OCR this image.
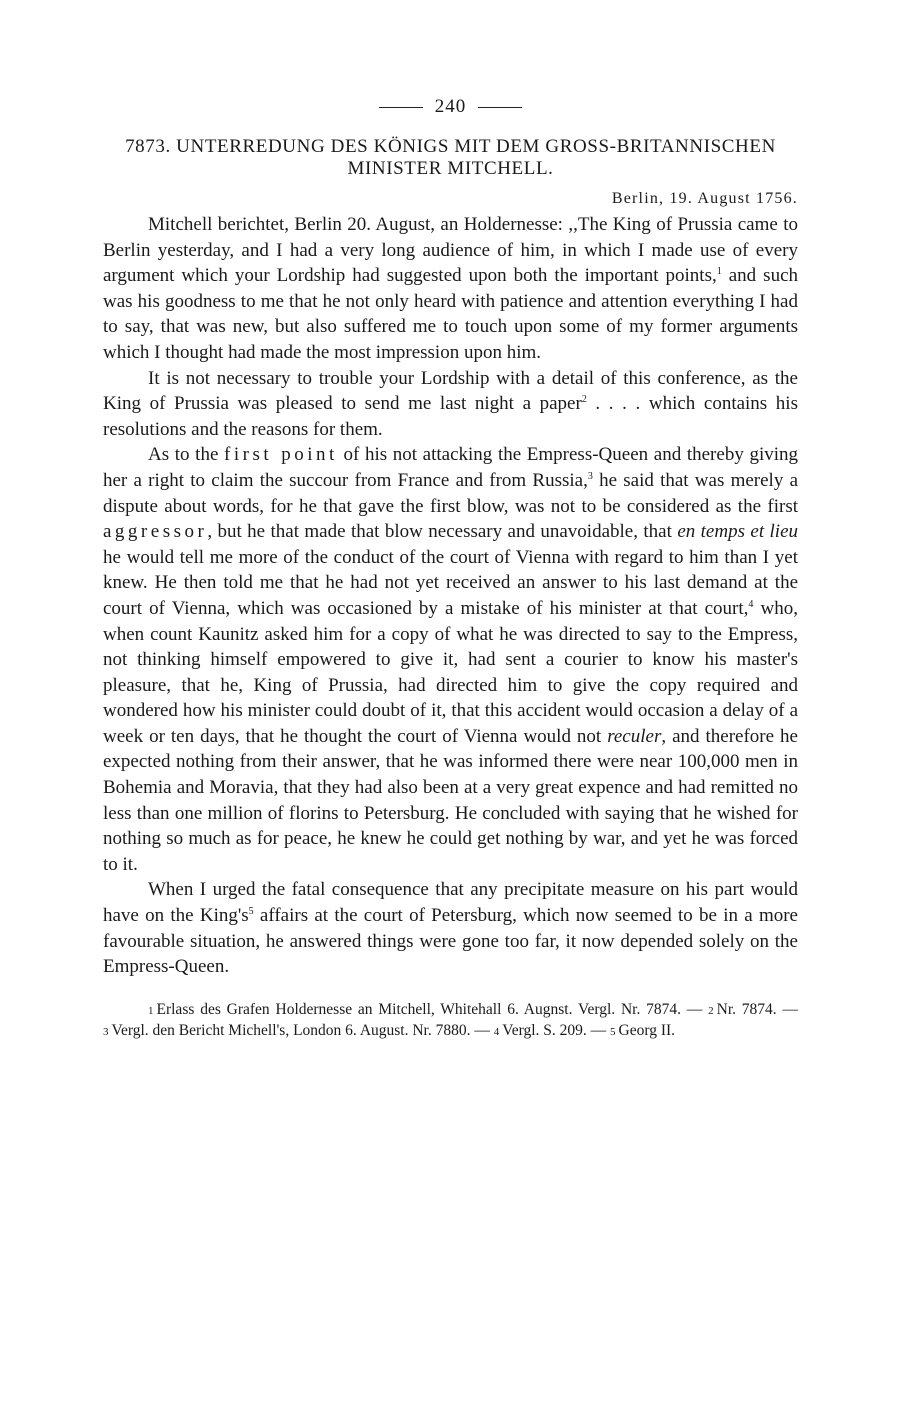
240
7873. UNTERREDUNG DES KÖNIGS MIT DEM GROSS-BRITANNISCHEN MINISTER MITCHELL.
Berlin, 19. August 1756.

Mitchell berichtet, Berlin 20. August, an Holdernesse: ,,The King of Prussia came to Berlin yesterday, and I had a very long audience of him, in which I made use of every argument which your Lordship had suggested upon both the important points,$^1$ and such was his goodness to me that he not only heard with patience and attention everything I had to say, that was new, but also suffered me to touch upon some of my former arguments which I thought had made the most impression upon him.

It is not necessary to trouble your Lordship with a detail of this conference, as the King of Prussia was pleased to send me last night a paper$^2$ . . . . which contains his resolutions and the reasons for them.

As to the first point of his not attacking the Empress-Queen and thereby giving her a right to claim the succour from France and from Russia,$^3$ he said that was merely a dispute about words, for he that gave the first blow, was not to be considered as the first aggressor, but he that made that blow necessary and unavoidable, that en temps et lieu he would tell me more of the conduct of the court of Vienna with regard to him than I yet knew. He then told me that he had not yet received an answer to his last demand at the court of Vienna, which was occasioned by a mistake of his minister at that court,$^4$ who, when count Kaunitz asked him for a copy of what he was directed to say to the Empress, not thinking himself empowered to give it, had sent a courier to know his master's pleasure, that he, King of Prussia, had directed him to give the copy required and wondered how his minister could doubt of it, that this accident would occasion a delay of a week or ten days, that he thought the court of Vienna would not reculer, and therefore he expected nothing from their answer, that he was informed there were near 100,000 men in Bohemia and Moravia, that they had also been at a very great expence and had remitted no less than one million of florins to Petersburg. He concluded with saying that he wished for nothing so much as for peace, he knew he could get nothing by war, and yet he was forced to it.

When I urged the fatal consequence that any precipitate measure on his part would have on the $King's^5$ affairs at the court of Petersburg, which now seemed to be in a more favourable situation, he answered things were gone too far, it now depended solely on the Empress-Queen.

1 Erlass des Grafen Holdernesse an Mitchell, Whitehall 6. Augnst. Vergl. Nr. 7874. — 2 Nr. 7874. — 3 Vergl. den Bericht Michell's, London 6. August. Nr. 7880. — 4 Vergl. S. 209. — 5 Georg II.
